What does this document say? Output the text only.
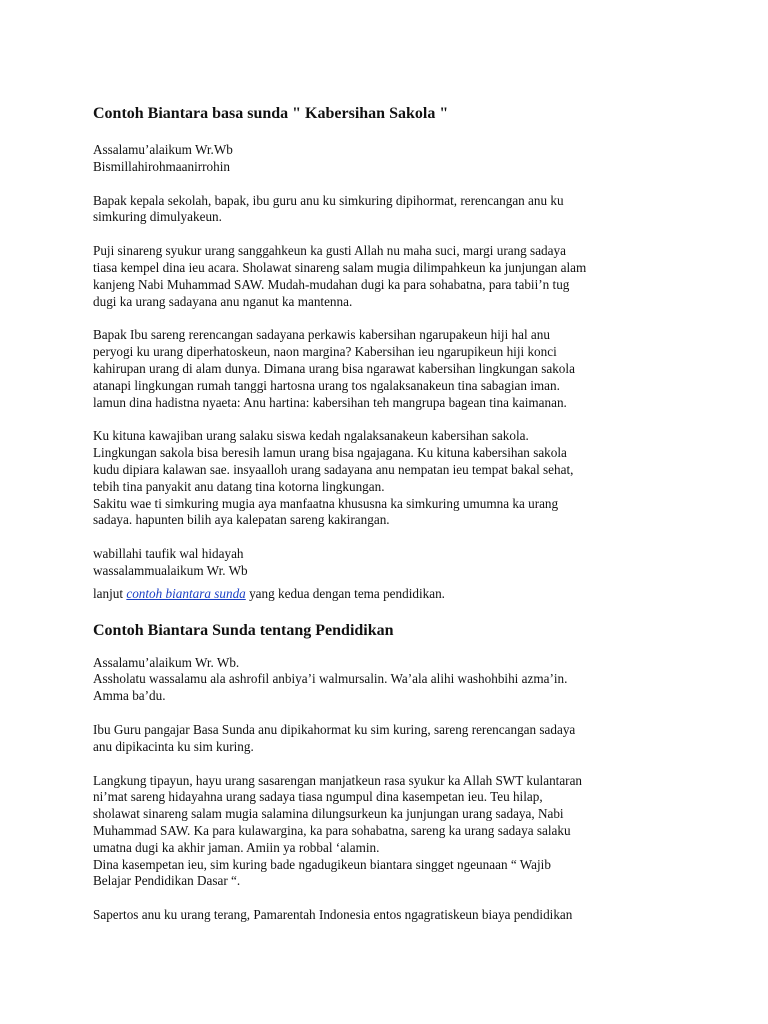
Contoh Biantara basa sunda " Kabersihan Sakola "

Assalamu’alaikum Wr.Wb
Bismillahirohmaanirrohin

Bapak kepala sekolah, bapak, ibu guru anu ku simkuring dipihormat, rerencangan anu ku
simkuring dimulyakeun.

Puji sinareng syukur urang sanggahkeun ka gusti Allah nu maha suci, margi urang sadaya
tiasa kempel dina ieu acara. Sholawat sinareng salam mugia dilimpahkeun ka junjungan alam
kanjeng Nabi Muhammad SAW. Mudah-mudahan dugi ka para sohabatna, para tabii’n tug
dugi ka urang sadayana anu nganut ka mantenna.

Bapak Ibu sareng rerencangan sadayana perkawis kabersihan ngarupakeun hiji hal anu
peryogi ku urang diperhatoskeun, naon margina? Kabersihan ieu ngarupikeun hiji konci
kahirupan urang di alam dunya. Dimana urang bisa ngarawat kabersihan lingkungan sakola
atanapi lingkungan rumah tanggi hartosna urang tos ngalaksanakeun tina sabagian iman.
lamun dina hadistna nyaeta: Anu hartina: kabersihan teh mangrupa bagean tina kaimanan.

Ku kituna kawajiban urang salaku siswa kedah ngalaksanakeun kabersihan sakola.
Lingkungan sakola bisa beresih lamun urang bisa ngajagana. Ku kituna kabersihan sakola
kudu dipiara kalawan sae. insyaalloh urang sadayana anu nempatan ieu tempat bakal sehat,
tebih tina panyakit anu datang tina kotorna lingkungan.
Sakitu wae ti simkuring mugia aya manfaatna khususna ka simkuring umumna ka urang
sadaya. hapunten bilih aya kalepatan sareng kakirangan.

wabillahi taufik wal hidayah
wassalammualaikum Wr. Wb

lanjut contoh biantara sunda yang kedua dengan tema pendidikan.

Contoh Biantara Sunda tentang Pendidikan

Assalamu’alaikum Wr. Wb.
Assholatu wassalamu ala ashrofil anbiya’i walmursalin. Wa’ala alihi washohbihi azma’in.
Amma ba’du.

Ibu Guru pangajar Basa Sunda anu dipikahormat ku sim kuring, sareng rerencangan sadaya
anu dipikacinta ku sim kuring.

Langkung tipayun, hayu urang sasarengan manjatkeun rasa syukur ka Allah SWT kulantaran
ni’mat sareng hidayahna urang sadaya tiasa ngumpul dina kasempetan ieu. Teu hilap,
sholawat sinareng salam mugia salamina dilungsurkeun ka junjungan urang sadaya, Nabi
Muhammad SAW. Ka para kulawargina, ka para sohabatna, sareng ka urang sadaya salaku
umatna dugi ka akhir jaman. Amiin ya robbal ‘alamin.
Dina kasempetan ieu, sim kuring bade ngadugikeun biantara singget ngeunaan “ Wajib
Belajar Pendidikan Dasar “.

Sapertos anu ku urang terang, Pamarentah Indonesia entos ngagratiskeun biaya pendidikan
